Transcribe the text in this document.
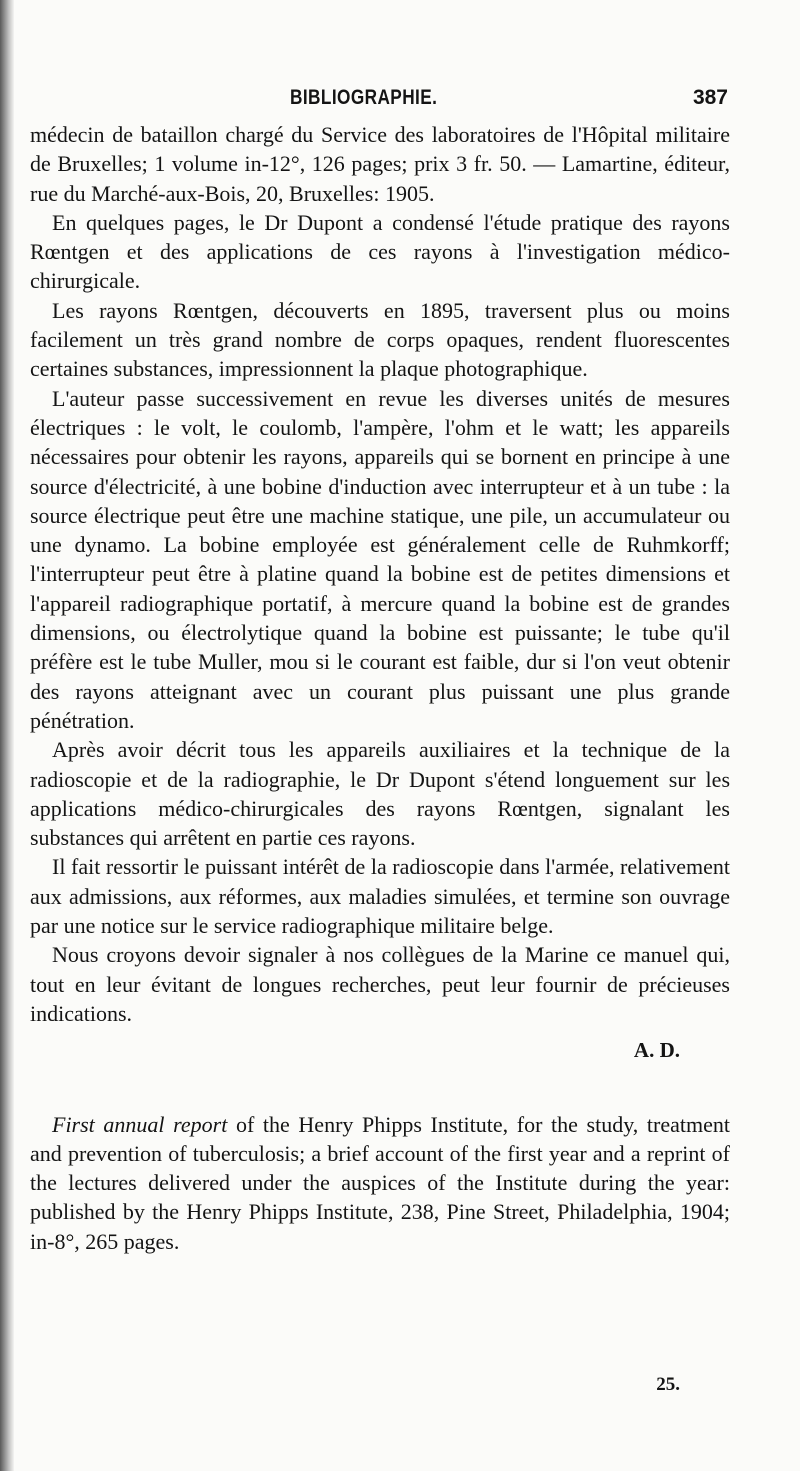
BIBLIOGRAPHIE.	387

médecin de bataillon chargé du Service des laboratoires de l'Hôpital militaire de Bruxelles; 1 volume in-12°, 126 pages; prix 3 fr. 50. — Lamartine, éditeur, rue du Marché-aux-Bois, 20, Bruxelles: 1905.

En quelques pages, le Dr Dupont a condensé l'étude pratique des rayons Rœntgen et des applications de ces rayons à l'investigation médico-chirurgicale.

Les rayons Rœntgen, découverts en 1895, traversent plus ou moins facilement un très grand nombre de corps opaques, rendent fluorescentes certaines substances, impressionnent la plaque photographique.

L'auteur passe successivement en revue les diverses unités de mesures électriques : le volt, le coulomb, l'ampère, l'ohm et le watt; les appareils nécessaires pour obtenir les rayons, appareils qui se bornent en principe à une source d'électricité, à une bobine d'induction avec interrupteur et à un tube : la source électrique peut être une machine statique, une pile, un accumulateur ou une dynamo. La bobine employée est généralement celle de Ruhmkorff; l'interrupteur peut être à platine quand la bobine est de petites dimensions et l'appareil radiographique portatif, à mercure quand la bobine est de grandes dimensions, ou électrolytique quand la bobine est puissante; le tube qu'il préfère est le tube Muller, mou si le courant est faible, dur si l'on veut obtenir des rayons atteignant avec un courant plus puissant une plus grande pénétration.

Après avoir décrit tous les appareils auxiliaires et la technique de la radioscopie et de la radiographie, le Dr Dupont s'étend longuement sur les applications médico-chirurgicales des rayons Rœntgen, signalant les substances qui arrêtent en partie ces rayons.

Il fait ressortir le puissant intérêt de la radioscopie dans l'armée, relativement aux admissions, aux réformes, aux maladies simulées, et termine son ouvrage par une notice sur le service radiographique militaire belge.

Nous croyons devoir signaler à nos collègues de la Marine ce manuel qui, tout en leur évitant de longues recherches, peut leur fournir de précieuses indications.

A. D.

First annual report of the Henry Phipps Institute, for the study, treatment and prevention of tuberculosis; a brief account of the first year and a reprint of the lectures delivered under the auspices of the Institute during the year: published by the Henry Phipps Institute, 238, Pine Street, Philadelphia, 1904; in-8°, 265 pages.

25.
